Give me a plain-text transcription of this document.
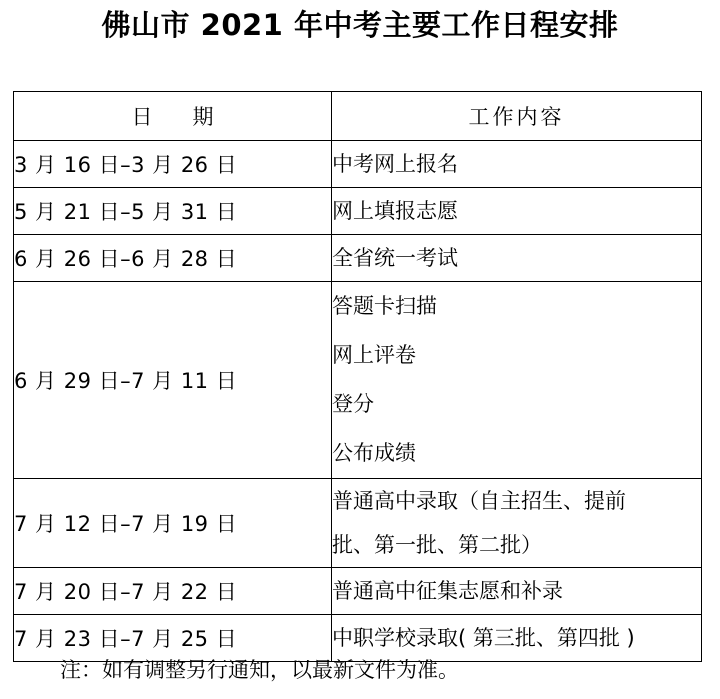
佛山市 2021 年中考主要工作日程安排
日期	工作内容
3 月 16 日–3 月 26 日	中考网上报名
5 月 21 日–5 月 31 日	网上填报志愿
6 月 26 日–6 月 28 日	全省统一考试
6 月 29 日–7 月 11 日	答题卡扫描
网上评卷
登分
公布成绩

7 月 12 日–7 月 19 日	普通高中录取（自主招生、提前
批、第一批、第二批）

7 月 20 日–7 月 22 日	普通高中征集志愿和补录
7 月 23 日–7 月 25 日	中职学校录取( 第三批、第四批 )
注：如有调整另行通知，以最新文件为准。
